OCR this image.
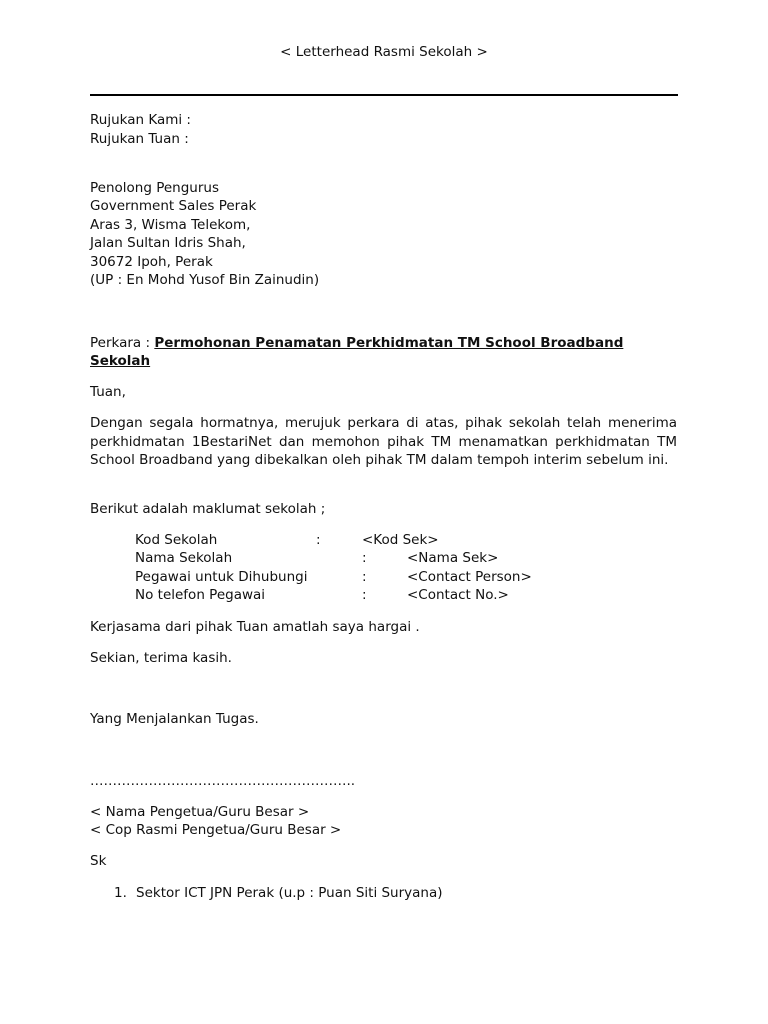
< Letterhead Rasmi Sekolah >
Rujukan Kami :
Rujukan Tuan :
Penolong Pengurus
Government Sales Perak
Aras 3, Wisma Telekom,
Jalan Sultan Idris Shah,
30672 Ipoh, Perak
(UP : En Mohd Yusof Bin Zainudin)
Perkara : Permohonan Penamatan Perkhidmatan TM School Broadband
Sekolah
Tuan,
Dengan segala hormatnya, merujuk perkara di atas, pihak sekolah telah menerima perkhidmatan 1BestariNet dan memohon pihak TM menamatkan perkhidmatan TM School Broadband yang dibekalkan oleh pihak TM dalam tempoh interim sebelum ini.
Berikut adalah maklumat sekolah ;
Kod Sekolah	:	<Kod Sek>
Nama Sekolah	:	<Nama Sek>
Pegawai untuk Dihubungi	:	<Contact Person>
No telefon Pegawai	:	<Contact No.>
Kerjasama dari pihak Tuan amatlah saya hargai .
Sekian, terima kasih.
Yang Menjalankan Tugas.
…………………………………………………..
< Nama Pengetua/Guru Besar >
< Cop Rasmi Pengetua/Guru Besar >
Sk
1. Sektor ICT JPN Perak (u.p : Puan Siti Suryana)
